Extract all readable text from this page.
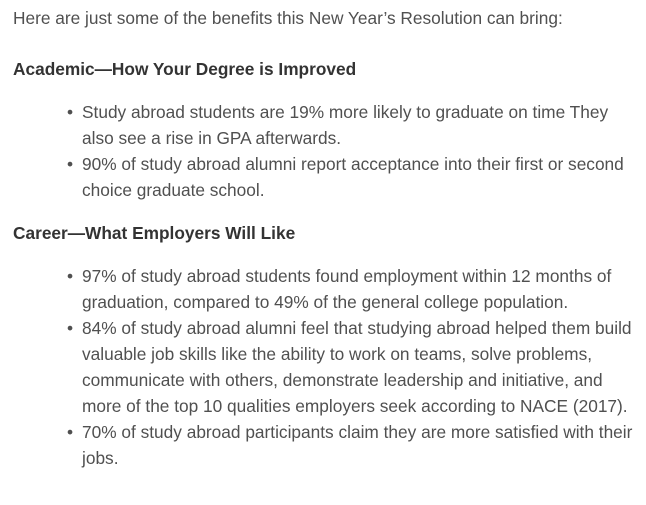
Here are just some of the benefits this New Year’s Resolution can bring:

Academic—How Your Degree is Improved
• Study abroad students are 19% more likely to graduate on time They also see a rise in GPA afterwards.
• 90% of study abroad alumni report acceptance into their first or second choice graduate school.
Career—What Employers Will Like
• 97% of study abroad students found employment within 12 months of graduation, compared to 49% of the general college population.
• 84% of study abroad alumni feel that studying abroad helped them build valuable job skills like the ability to work on teams, solve problems, communicate with others, demonstrate leadership and initiative, and more of the top 10 qualities employers seek according to NACE (2017).
• 70% of study abroad participants claim they are more satisfied with their jobs.
